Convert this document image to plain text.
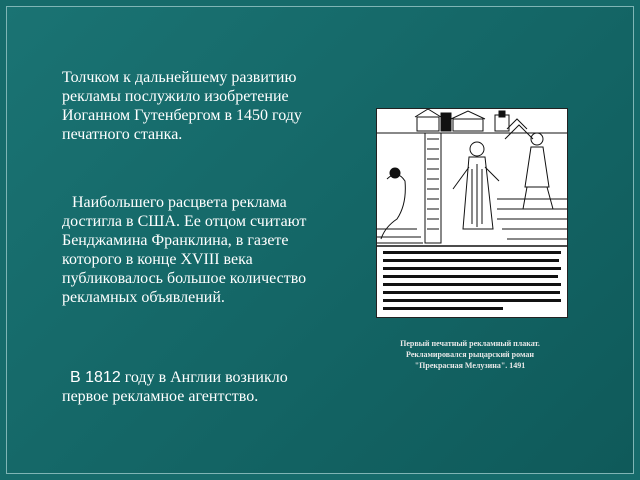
Толчком к дальнейшему развитию рекламы послужило изобретение Иоганном Гутенбергом в 1450 году печатного станка.

Наибольшего расцвета реклама достигла в США. Ее отцом считают Бенджамина Франклина, в газете которого в конце XVIII века публиковалось большое количество рекламных объявлений.

В 1812 году в Англии возникло первое рекламное агентство.

Первый печатный рекламный плакат.
Рекламировался рыцарский роман
"Прекрасная Мелузина". 1491
